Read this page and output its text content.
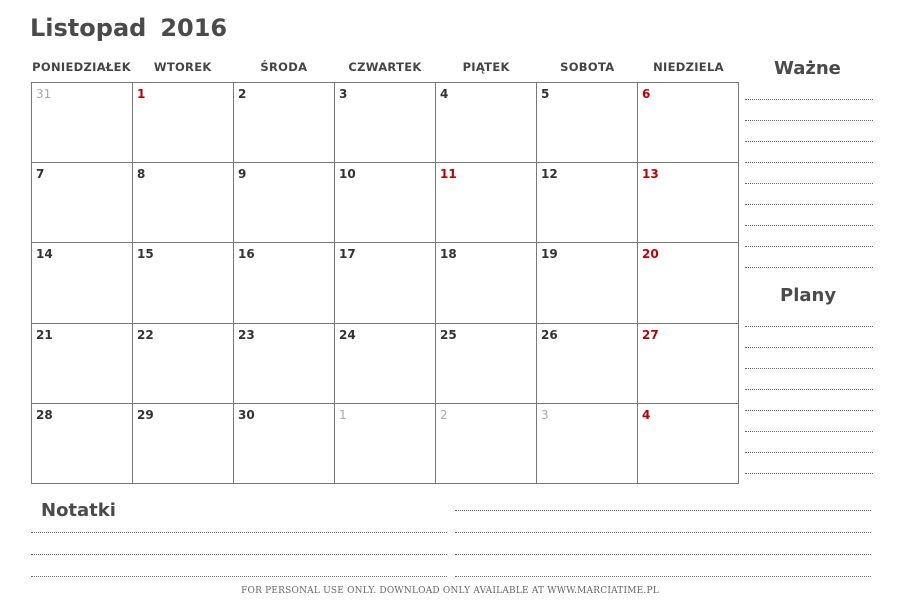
Listopad 2016
PONIEDZIAŁEK	WTOREK	ŚRODA	CZWARTEK	PIĄTEK	SOBOTA	NIEDZIELA
31	1	2	3	4	5	6
7	8	9	10	11	12	13
14	15	16	17	18	19	20
21	22	23	24	25	26	27
28	29	30	1	2	3	4
Ważne
Plany
Notatki
FOR PERSONAL USE ONLY. DOWNLOAD ONLY AVAILABLE AT WWW.MARCIATIME.PL
